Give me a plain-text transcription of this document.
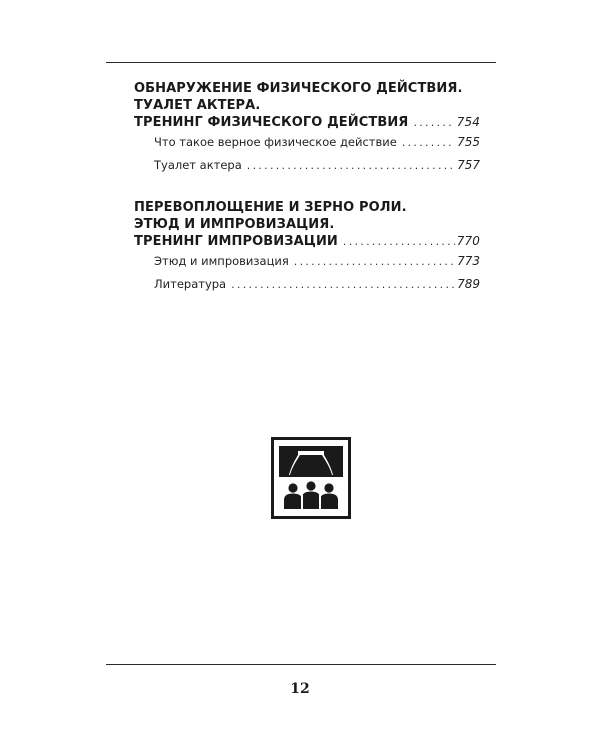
ОБНАРУЖЕНИЕ ФИЗИЧЕСКОГО ДЕЙСТВИЯ.
ТУАЛЕТ АКТЕРА.
ТРЕНИНГ ФИЗИЧЕСКОГО ДЕЙСТВИЯ . . .	754
Что такое верное физическое действие . . .	755
Туалет актера . . .	757
ПЕРЕВОПЛОЩЕНИЕ И ЗЕРНО РОЛИ.
ЭТЮД И ИМПРОВИЗАЦИЯ.
ТРЕНИНГ ИМПРОВИЗАЦИИ . . .	770
Этюд и импровизация . . .	773
Литература . . .	789
12
